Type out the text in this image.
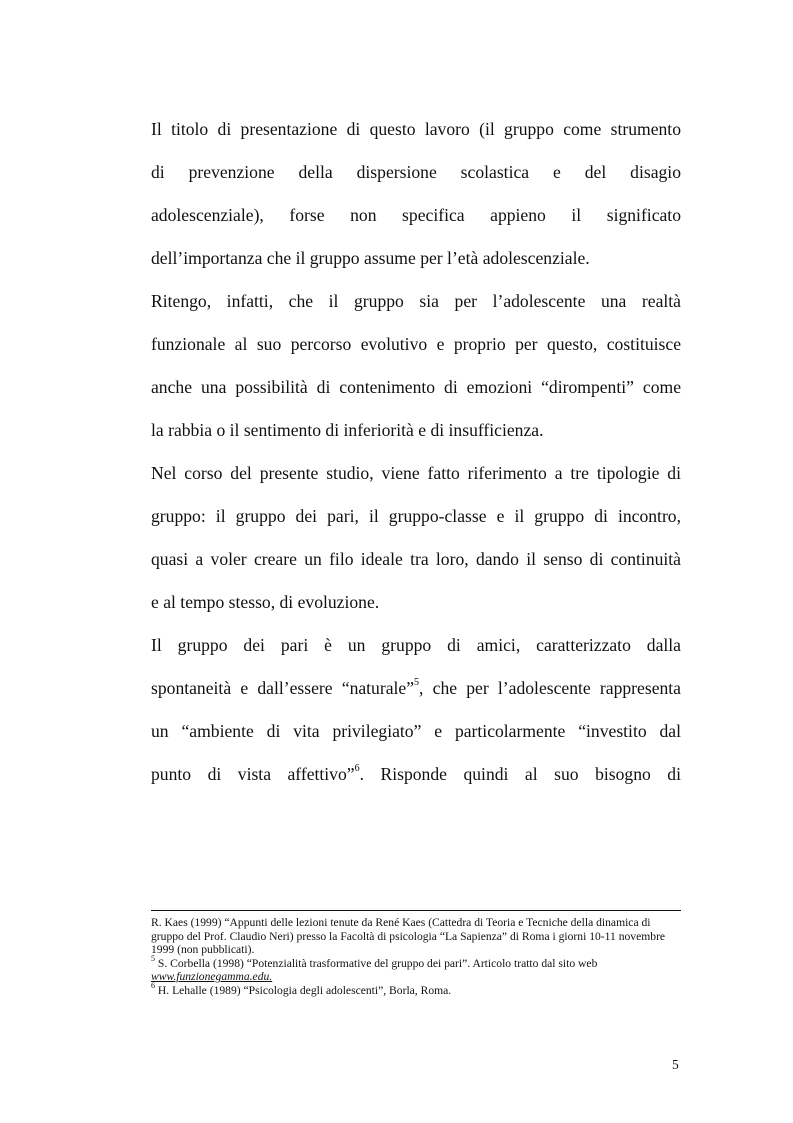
Il titolo di presentazione di questo lavoro (il gruppo come strumento
di prevenzione della dispersione scolastica e del disagio
adolescenziale), forse non specifica appieno il significato
dell’importanza che il gruppo assume per l’età adolescenziale.

Ritengo, infatti, che il gruppo sia per l’adolescente una realtà
funzionale al suo percorso evolutivo e proprio per questo, costituisce
anche una possibilità di contenimento di emozioni “dirompenti” come
la rabbia o il sentimento di inferiorità e di insufficienza.

Nel corso del presente studio, viene fatto riferimento a tre tipologie di
gruppo: il gruppo dei pari, il gruppo-classe e il gruppo di incontro,
quasi a voler creare un filo ideale tra loro, dando il senso di continuità
e al tempo stesso, di evoluzione.

Il gruppo dei pari è un gruppo di amici, caratterizzato dalla
spontaneità e dall’essere “naturale”$^5$, che per l’adolescente rappresenta
un “ambiente di vita privilegiato” e particolarmente “investito dal
punto di vista affettivo”$^6$. Risponde quindi al suo bisogno di

R. Kaes (1999) “Appunti delle lezioni tenute da René Kaes (Cattedra di Teoria e Tecniche della dinamica di gruppo del Prof. Claudio Neri) presso la Facoltà di psicologia “La Sapienza” di Roma i giorni 10-11 novembre 1999 (non pubblicati).

$^5$ S. Corbella (1998) “Potenzialità trasformative del gruppo dei pari”. Articolo tratto dal sito web
www.funzionegamma.edu.

$^6$ H. Lehalle (1989) “Psicologia degli adolescenti”, Borla, Roma.

5
